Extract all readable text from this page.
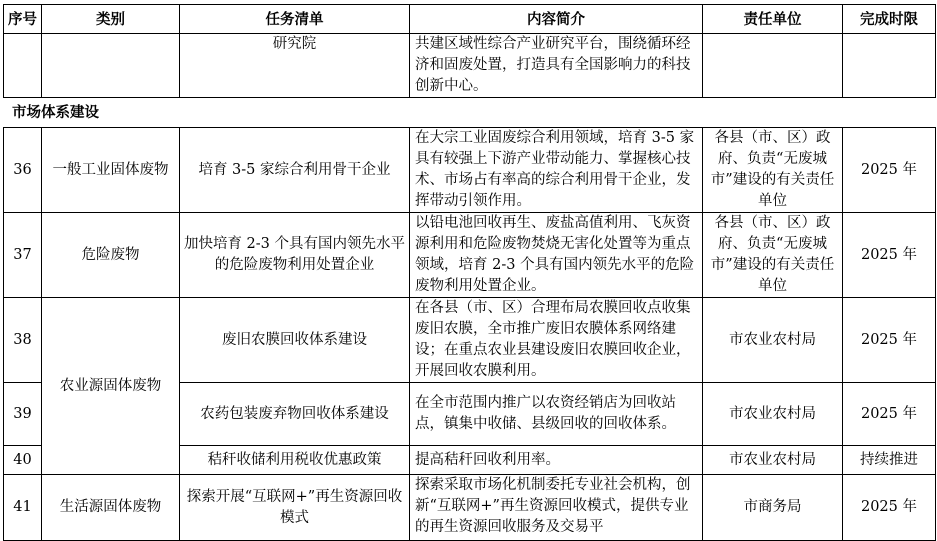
序号	类别	任务清单	内容简介	责任单位	完成时限
		研究院	共建区域性综合产业研究平台，围绕循环经济和固废处置，打造具有全国影响力的科技创新中心。		
市场体系建设					
36	一般工业固体废物	培育 3-5 家综合利用骨干企业	在大宗工业固废综合利用领域，培育 3-5 家具有较强上下游产业带动能力、掌握核心技术、市场占有率高的综合利用骨干企业，发挥带动引领作用。	各县（市、区）政府、负责“无废城市”建设的有关责任单位	2025 年
37	危险废物	加快培育 2-3 个具有国内领先水平的危险废物利用处置企业	以铅电池回收再生、废盐高值利用、飞灰资源利用和危险废物焚烧无害化处置等为重点领域，培育 2-3 个具有国内领先水平的危险废物利用处置企业。	各县（市、区）政府、负责“无废城市”建设的有关责任单位	2025 年
38	农业源固体废物	废旧农膜回收体系建设	在各县（市、区）合理布局农膜回收点收集废旧农膜，全市推广废旧农膜体系网络建设；在重点农业县建设废旧农膜回收企业，开展回收农膜利用。	市农业农村局	2025 年
39		农药包装废弃物回收体系建设	在全市范围内推广以农资经销店为回收站点，镇集中收储、县级回收的回收体系。	市农业农村局	2025 年
40		秸秆收储利用税收优惠政策	提高秸秆回收利用率。	市农业农村局	持续推进
41	生活源固体废物	探索开展“互联网+”再生资源回收模式	探索采取市场化机制委托专业社会机构，创新“互联网+”再生资源回收模式，提供专业的再生资源回收服务及交易平	市商务局	2025 年
